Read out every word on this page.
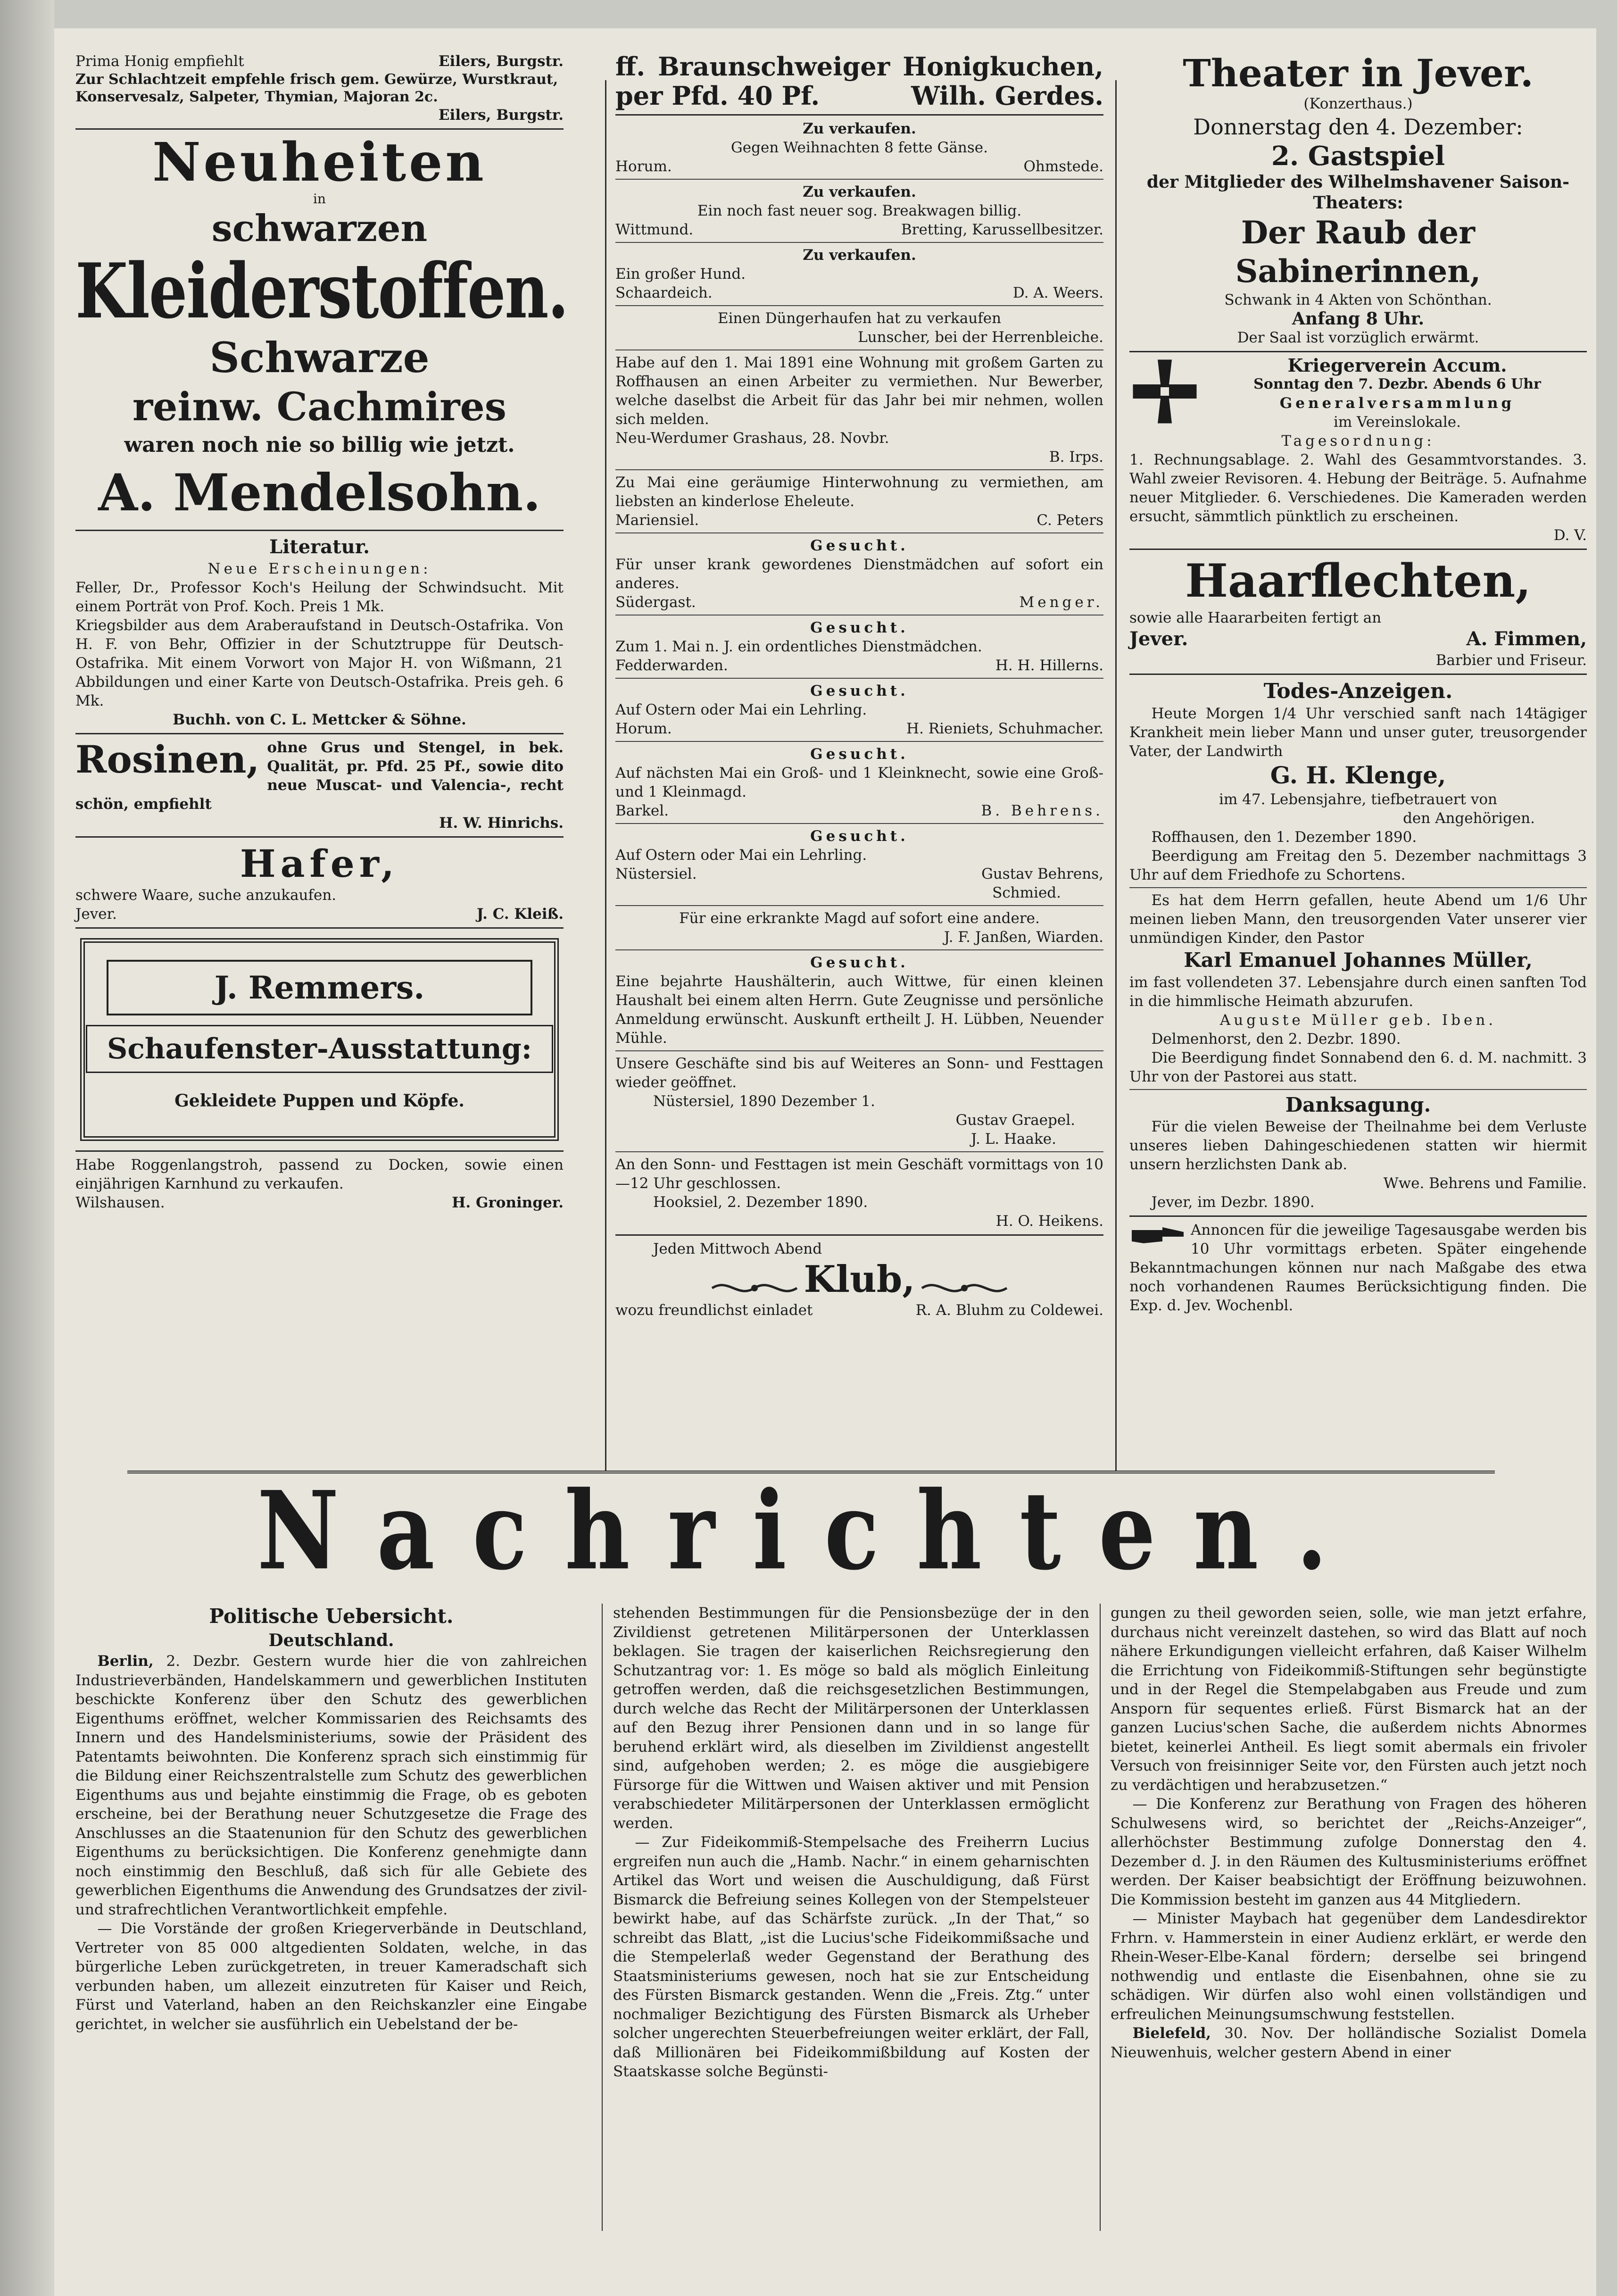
Prima Honig empfiehlt	Eilers, Burgstr.

Zur Schlachtzeit empfehle frisch gem. Gewürze, Wurstkraut, Konservesalz, Salpeter, Thymian, Majoran 2c.

Eilers, Burgstr.

Neuheiten
in
schwarzen
Kleiderstoffen.
Schwarze
reinw. Cachmires
waren noch nie so billig wie jetzt.
A. Mendelsohn.
Literatur.
Neue Erscheinungen:

Feller, Dr., Professor Koch's Heilung der Schwindsucht. Mit einem Porträt von Prof. Koch. Preis 1 Mk.

Kriegsbilder aus dem Araberaufstand in Deutsch-Ostafrika. Von H. F. von Behr, Offizier in der Schutztruppe für Deutsch-Ostafrika. Mit einem Vorwort von Major H. von Wißmann, 21 Abbildungen und einer Karte von Deutsch-Ostafrika. Preis geh. 6 Mk.

Buchh. von C. L. Mettcker & Söhne.

Rosinen, ohne Grus und Stengel, in bek. Qualität, pr. Pfd. 25 Pf., sowie dito neue Muscat- und Valencia-, recht schön, empfiehlt

H. W. Hinrichs.

Hafer,

schwere Waare, suche anzukaufen.

Jever.	J. C. Kleiß.
J. Remmers.
Schaufenster-Ausstattung:
Gekleidete Puppen und Köpfe.

Habe Roggenlangstroh, passend zu Docken, sowie einen einjährigen Karnhund zu verkaufen.

Wilshausen.	H. Groninger.

ff. Braunschweiger Honigkuchen, per Pfd. 40 Pf.	Wilh. Gerdes.

Zu verkaufen.

Gegen Weihnachten 8 fette Gänse.

Horum.	Ohmstede.
Zu verkaufen.

Ein noch fast neuer sog. Breakwagen billig.

Wittmund.	Bretting, Karussellbesitzer.
Zu verkaufen.

Ein großer Hund.

Schaardeich.	D. A. Weers.

Einen Düngerhaufen hat zu verkaufen

Lunscher, bei der Herrenbleiche.

Habe auf den 1. Mai 1891 eine Wohnung mit großem Garten zu Roffhausen an einen Arbeiter zu vermiethen. Nur Bewerber, welche daselbst die Arbeit für das Jahr bei mir nehmen, wollen sich melden.

Neu-Werdumer Grashaus, 28. Novbr.

B. Irps.

Zu Mai eine geräumige Hinterwohnung zu vermiethen, am liebsten an kinderlose Eheleute.

Mariensiel.	C. Peters
Gesucht.

Für unser krank gewordenes Dienstmädchen auf sofort ein anderes.

Südergast.	Menger.
Gesucht.

Zum 1. Mai n. J. ein ordentliches Dienstmädchen.

Fedderwarden.	H. H. Hillerns.
Gesucht.

Auf Ostern oder Mai ein Lehrling.

Horum.	H. Rieniets, Schuhmacher.
Gesucht.

Auf nächsten Mai ein Groß- und 1 Kleinknecht, sowie eine Groß- und 1 Kleinmagd.

Barkel.	B. Behrens.
Gesucht.

Auf Ostern oder Mai ein Lehrling.

Nüstersiel.	Gustav Behrens,

Schmied.

Für eine erkrankte Magd auf sofort eine andere.

J. F. Janßen, Wiarden.

Gesucht.

Eine bejahrte Haushälterin, auch Wittwe, für einen kleinen Haushalt bei einem alten Herrn. Gute Zeugnisse und persönliche Anmeldung erwünscht. Auskunft ertheilt J. H. Lübben, Neuender Mühle.

Unsere Geschäfte sind bis auf Weiteres an Sonn- und Festtagen wieder geöffnet.

Nüstersiel, 1890 Dezember 1.

Gustav Graepel.

J. L. Haake.

An den Sonn- und Festtagen ist mein Geschäft vormittags von 10—12 Uhr geschlossen.

Hooksiel, 2. Dezember 1890.

H. O. Heikens.

Jeden Mittwoch Abend

Klub,
wozu freundlichst einladet	R. A. Bluhm zu Coldewei.
Theater in Jever.
(Konzerthaus.)
Donnerstag den 4. Dezember:
2. Gastspiel

der Mitglieder des Wilhelmshavener Saison-Theaters:

Der Raub der Sabinerinnen,
Schwank in 4 Akten von Schönthan.
Anfang 8 Uhr.
Der Saal ist vorzüglich erwärmt.
Kriegerverein Accum.
Sonntag den 7. Dezbr. Abends 6 Uhr
Generalversammlung
im Vereinslokale.
Tagesordnung:

1. Rechnungsablage. 2. Wahl des Gesammtvorstandes. 3. Wahl zweier Revisoren. 4. Hebung der Beiträge. 5. Aufnahme neuer Mitglieder. 6. Verschiedenes. Die Kameraden werden ersucht, sämmtlich pünktlich zu erscheinen.

D. V.

Haarflechten,

sowie alle Haararbeiten fertigt an

Jever.	A. Fimmen,

Barbier und Friseur.

Todes-Anzeigen.

Heute Morgen 1/4 Uhr verschied sanft nach 14tägiger Krankheit mein lieber Mann und unser guter, treusorgender Vater, der Landwirth

G. H. Klenge,

im 47. Lebensjahre, tiefbetrauert von

den Angehörigen.

Roffhausen, den 1. Dezember 1890.

Beerdigung am Freitag den 5. Dezember nachmittags 3 Uhr auf dem Friedhofe zu Schortens.

Es hat dem Herrn gefallen, heute Abend um 1/6 Uhr meinen lieben Mann, den treusorgenden Vater unserer vier unmündigen Kinder, den Pastor

Karl Emanuel Johannes Müller,

im fast vollendeten 37. Lebensjahre durch einen sanften Tod in die himmlische Heimath abzurufen.

Auguste Müller geb. Iben.

Delmenhorst, den 2. Dezbr. 1890.

Die Beerdigung findet Sonnabend den 6. d. M. nachmitt. 3 Uhr von der Pastorei aus statt.

Danksagung.

Für die vielen Beweise der Theilnahme bei dem Verluste unseres lieben Dahingeschiedenen statten wir hiermit unsern herzlichsten Dank ab.

Wwe. Behrens und Familie.

Jever, im Dezbr. 1890.

Annoncen für die jeweilige Tagesausgabe werden bis 10 Uhr vormittags erbeten. Später eingehende Bekanntmachungen können nur nach Maßgabe des etwa noch vorhandenen Raumes Berücksichtigung finden. Die Exp. d. Jev. Wochenbl.

Nachrichten.
Politische Uebersicht.
Deutschland.

Berlin, 2. Dezbr. Gestern wurde hier die von zahlreichen Industrieverbänden, Handelskammern und gewerblichen Instituten beschickte Konferenz über den Schutz des gewerblichen Eigenthums eröffnet, welcher Kommissarien des Reichsamts des Innern und des Handelsministeriums, sowie der Präsident des Patentamts beiwohnten. Die Konferenz sprach sich einstimmig für die Bildung einer Reichszentralstelle zum Schutz des gewerblichen Eigenthums aus und bejahte einstimmig die Frage, ob es geboten erscheine, bei der Berathung neuer Schutzgesetze die Frage des Anschlusses an die Staatenunion für den Schutz des gewerblichen Eigenthums zu berücksichtigen. Die Konferenz genehmigte dann noch einstimmig den Beschluß, daß sich für alle Gebiete des gewerblichen Eigenthums die Anwendung des Grundsatzes der zivil- und strafrechtlichen Verantwortlichkeit empfehle.

— Die Vorstände der großen Kriegerverbände in Deutschland, Vertreter von 85 000 altgedienten Soldaten, welche, in das bürgerliche Leben zurückgetreten, in treuer Kameradschaft sich verbunden haben, um allezeit einzutreten für Kaiser und Reich, Fürst und Vaterland, haben an den Reichskanzler eine Eingabe gerichtet, in welcher sie ausführlich ein Uebelstand der be-

stehenden Bestimmungen für die Pensionsbezüge der in den Zivildienst getretenen Militärpersonen der Unterklassen beklagen. Sie tragen der kaiserlichen Reichsregierung den Schutzantrag vor: 1. Es möge so bald als möglich Einleitung getroffen werden, daß die reichsgesetzlichen Bestimmungen, durch welche das Recht der Militärpersonen der Unterklassen auf den Bezug ihrer Pensionen dann und in so lange für beruhend erklärt wird, als dieselben im Zivildienst angestellt sind, aufgehoben werden; 2. es möge die ausgiebigere Fürsorge für die Wittwen und Waisen aktiver und mit Pension verabschiedeter Militärpersonen der Unterklassen ermöglicht werden.

— Zur Fideikommiß-Stempelsache des Freiherrn Lucius ergreifen nun auch die „Hamb. Nachr.“ in einem geharnischten Artikel das Wort und weisen die Auschuldigung, daß Fürst Bismarck die Befreiung seines Kollegen von der Stempelsteuer bewirkt habe, auf das Schärfste zurück. „In der That,“ so schreibt das Blatt, „ist die Lucius'sche Fideikommißsache und die Stempelerlaß weder Gegenstand der Berathung des Staatsministeriums gewesen, noch hat sie zur Entscheidung des Fürsten Bismarck gestanden. Wenn die „Freis. Ztg.“ unter nochmaliger Bezichtigung des Fürsten Bismarck als Urheber solcher ungerechten Steuerbefreiungen weiter erklärt, der Fall, daß Millionären bei Fideikommißbildung auf Kosten der Staatskasse solche Begünsti-

gungen zu theil geworden seien, solle, wie man jetzt erfahre, durchaus nicht vereinzelt dastehen, so wird das Blatt auf noch nähere Erkundigungen vielleicht erfahren, daß Kaiser Wilhelm die Errichtung von Fideikommiß-Stiftungen sehr begünstigte und in der Regel die Stempelabgaben aus Freude und zum Ansporn für sequentes erließ. Fürst Bismarck hat an der ganzen Lucius'schen Sache, die außerdem nichts Abnormes bietet, keinerlei Antheil. Es liegt somit abermals ein frivoler Versuch von freisinniger Seite vor, den Fürsten auch jetzt noch zu verdächtigen und herabzusetzen.“

— Die Konferenz zur Berathung von Fragen des höheren Schulwesens wird, so berichtet der „Reichs-Anzeiger“, allerhöchster Bestimmung zufolge Donnerstag den 4. Dezember d. J. in den Räumen des Kultusministeriums eröffnet werden. Der Kaiser beabsichtigt der Eröffnung beizuwohnen. Die Kommission besteht im ganzen aus 44 Mitgliedern.

— Minister Maybach hat gegenüber dem Landesdirektor Frhrn. v. Hammerstein in einer Audienz erklärt, er werde den Rhein-Weser-Elbe-Kanal fördern; derselbe sei bringend nothwendig und entlaste die Eisenbahnen, ohne sie zu schädigen. Wir dürfen also wohl einen vollständigen und erfreulichen Meinungsumschwung feststellen.

Bielefeld, 30. Nov. Der holländische Sozialist Domela Nieuwenhuis, welcher gestern Abend in einer
